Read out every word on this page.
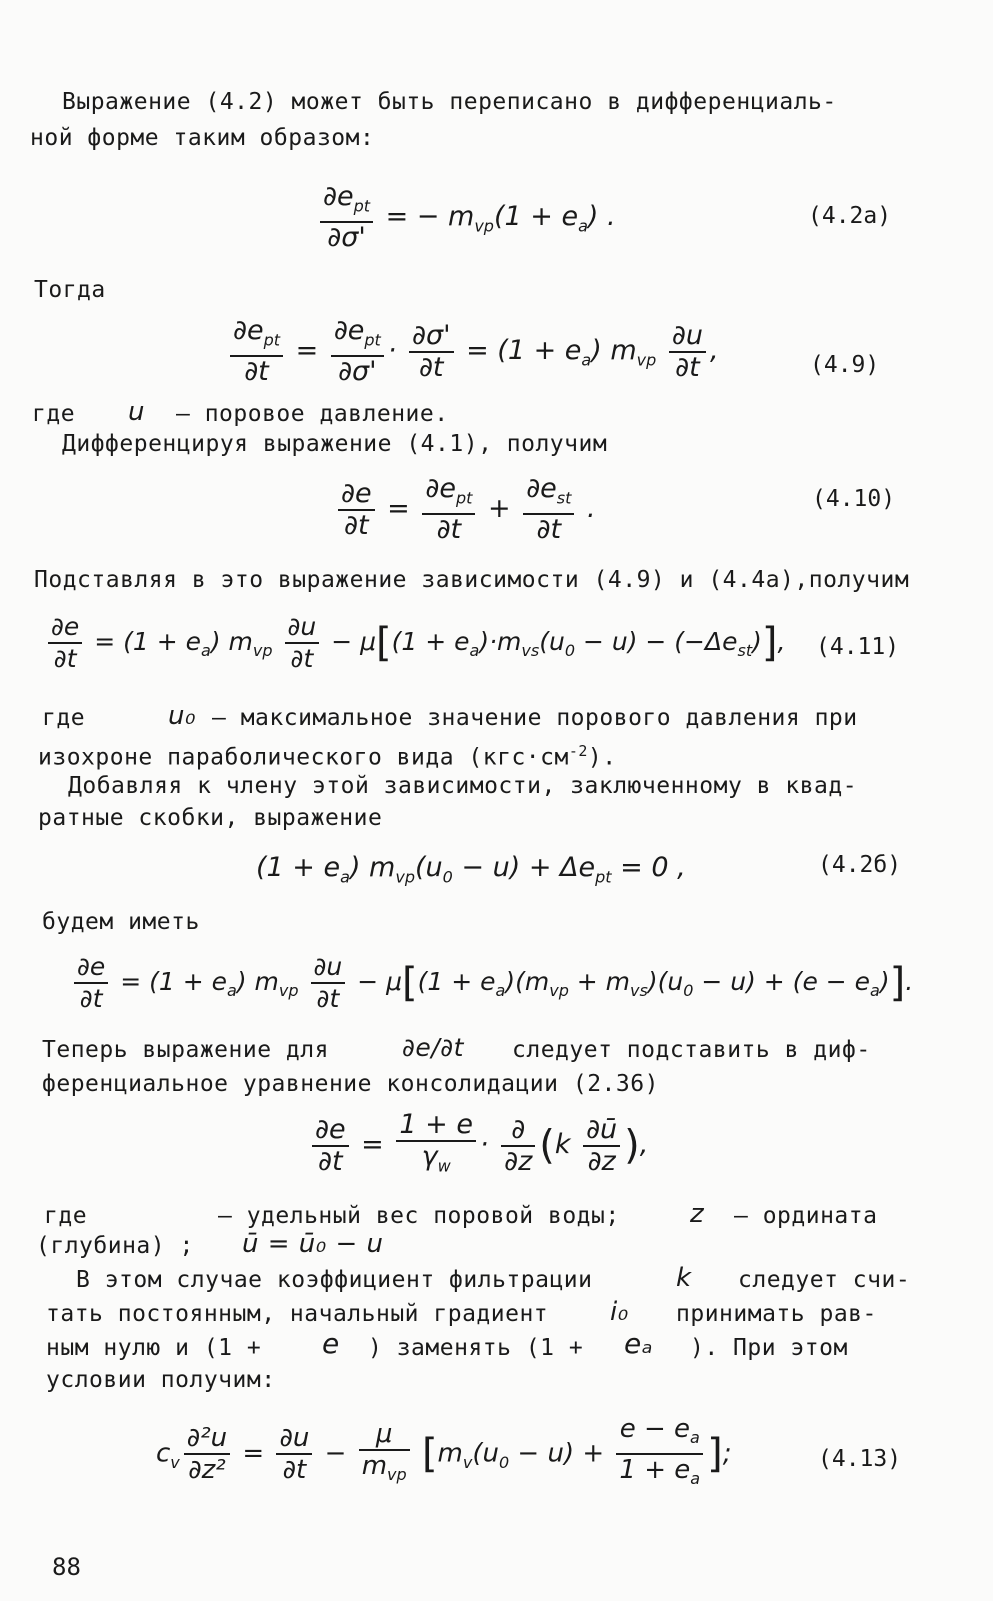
Выражение (4.2) может быть переписано в дифференциаль-
ной форме таким образом:
$\frac{\partial e_{pt}}{\partial\sigma'}$ = − $m_{vp}(1 + e_a)$ .	(4.2а)
Тогда
$\frac{\partial e_{pt}}{\partial t} = \frac{\partial e_{pt}}{\partial\sigma'} \cdot \frac{\partial\sigma'}{\partial t} = (1 + e_a)$ $m_{vp} \frac{\partial u}{\partial t}$ ,	(4.9)
где u – поровое давление.
Дифференцируя выражение (4.1), получим
$\frac{\partial e}{\partial t} = \frac{\partial e_{pt}}{\partial t} + \frac{\partial e_{st}}{\partial t}$ .	(4.10)
Подставляя в это выражение зависимости (4.9) и (4.4а),получим
$\frac{\partial e}{\partial t} = (1 + e_a)$ $m_{vp} \frac{\partial u}{\partial t} - \mu[(1 + e_a)\cdot m_{vs}(u_0 - u) - (-\Delta e_{st})]$, (4.11)
где	u₀ – максимальное значение порового давления при
изохроне параболического вида $(кгс\cdot см^{-2})$.
Добавляя к члену этой зависимости, заключенному в квад-
ратные скобки, выражение
$(1 + e_a)$ $m_{vp}(u_0 - u) + \Delta e_{pt} = 0$ ,	(4.2б)
будем иметь
$\frac{\partial e}{\partial t} = (1 + e_a)$ $m_{vp} \frac{\partial u}{\partial t} - \mu[(1 + e_a)(m_{vp} + m_{vs})(u_0 - u) + (e - e_a)]$.
Теперь выражение для	∂e/∂t следует подставить в диф-
ференциальное уравнение консолидации (2.36)
$\frac{\partial e}{\partial t} = \frac{1 + e}{\gamma_w} \cdot \frac{\partial}{\partial z} (k \frac{\partial ū}{\partial z}$ ),
где	– удельный вес поровой воды;	z – ордината
(глубина) ; ū = ū₀ − u
В этом случае коэффициент фильтрации	k следует счи-
тать постоянным, начальный градиент i₀ принимать рав-
ным нулю и (1 + e ) заменять (1 + eₐ ). При этом
условии получим:
$c_v \frac{\text{∂²u}}{\text{∂z²}} = \frac{\partial u}{\partial t} - \frac{\mu}{m_{vp}} [m_v(u_0 - u) + \frac{e - e_a}{1 + e_a}$ ];	(4.13)
88
